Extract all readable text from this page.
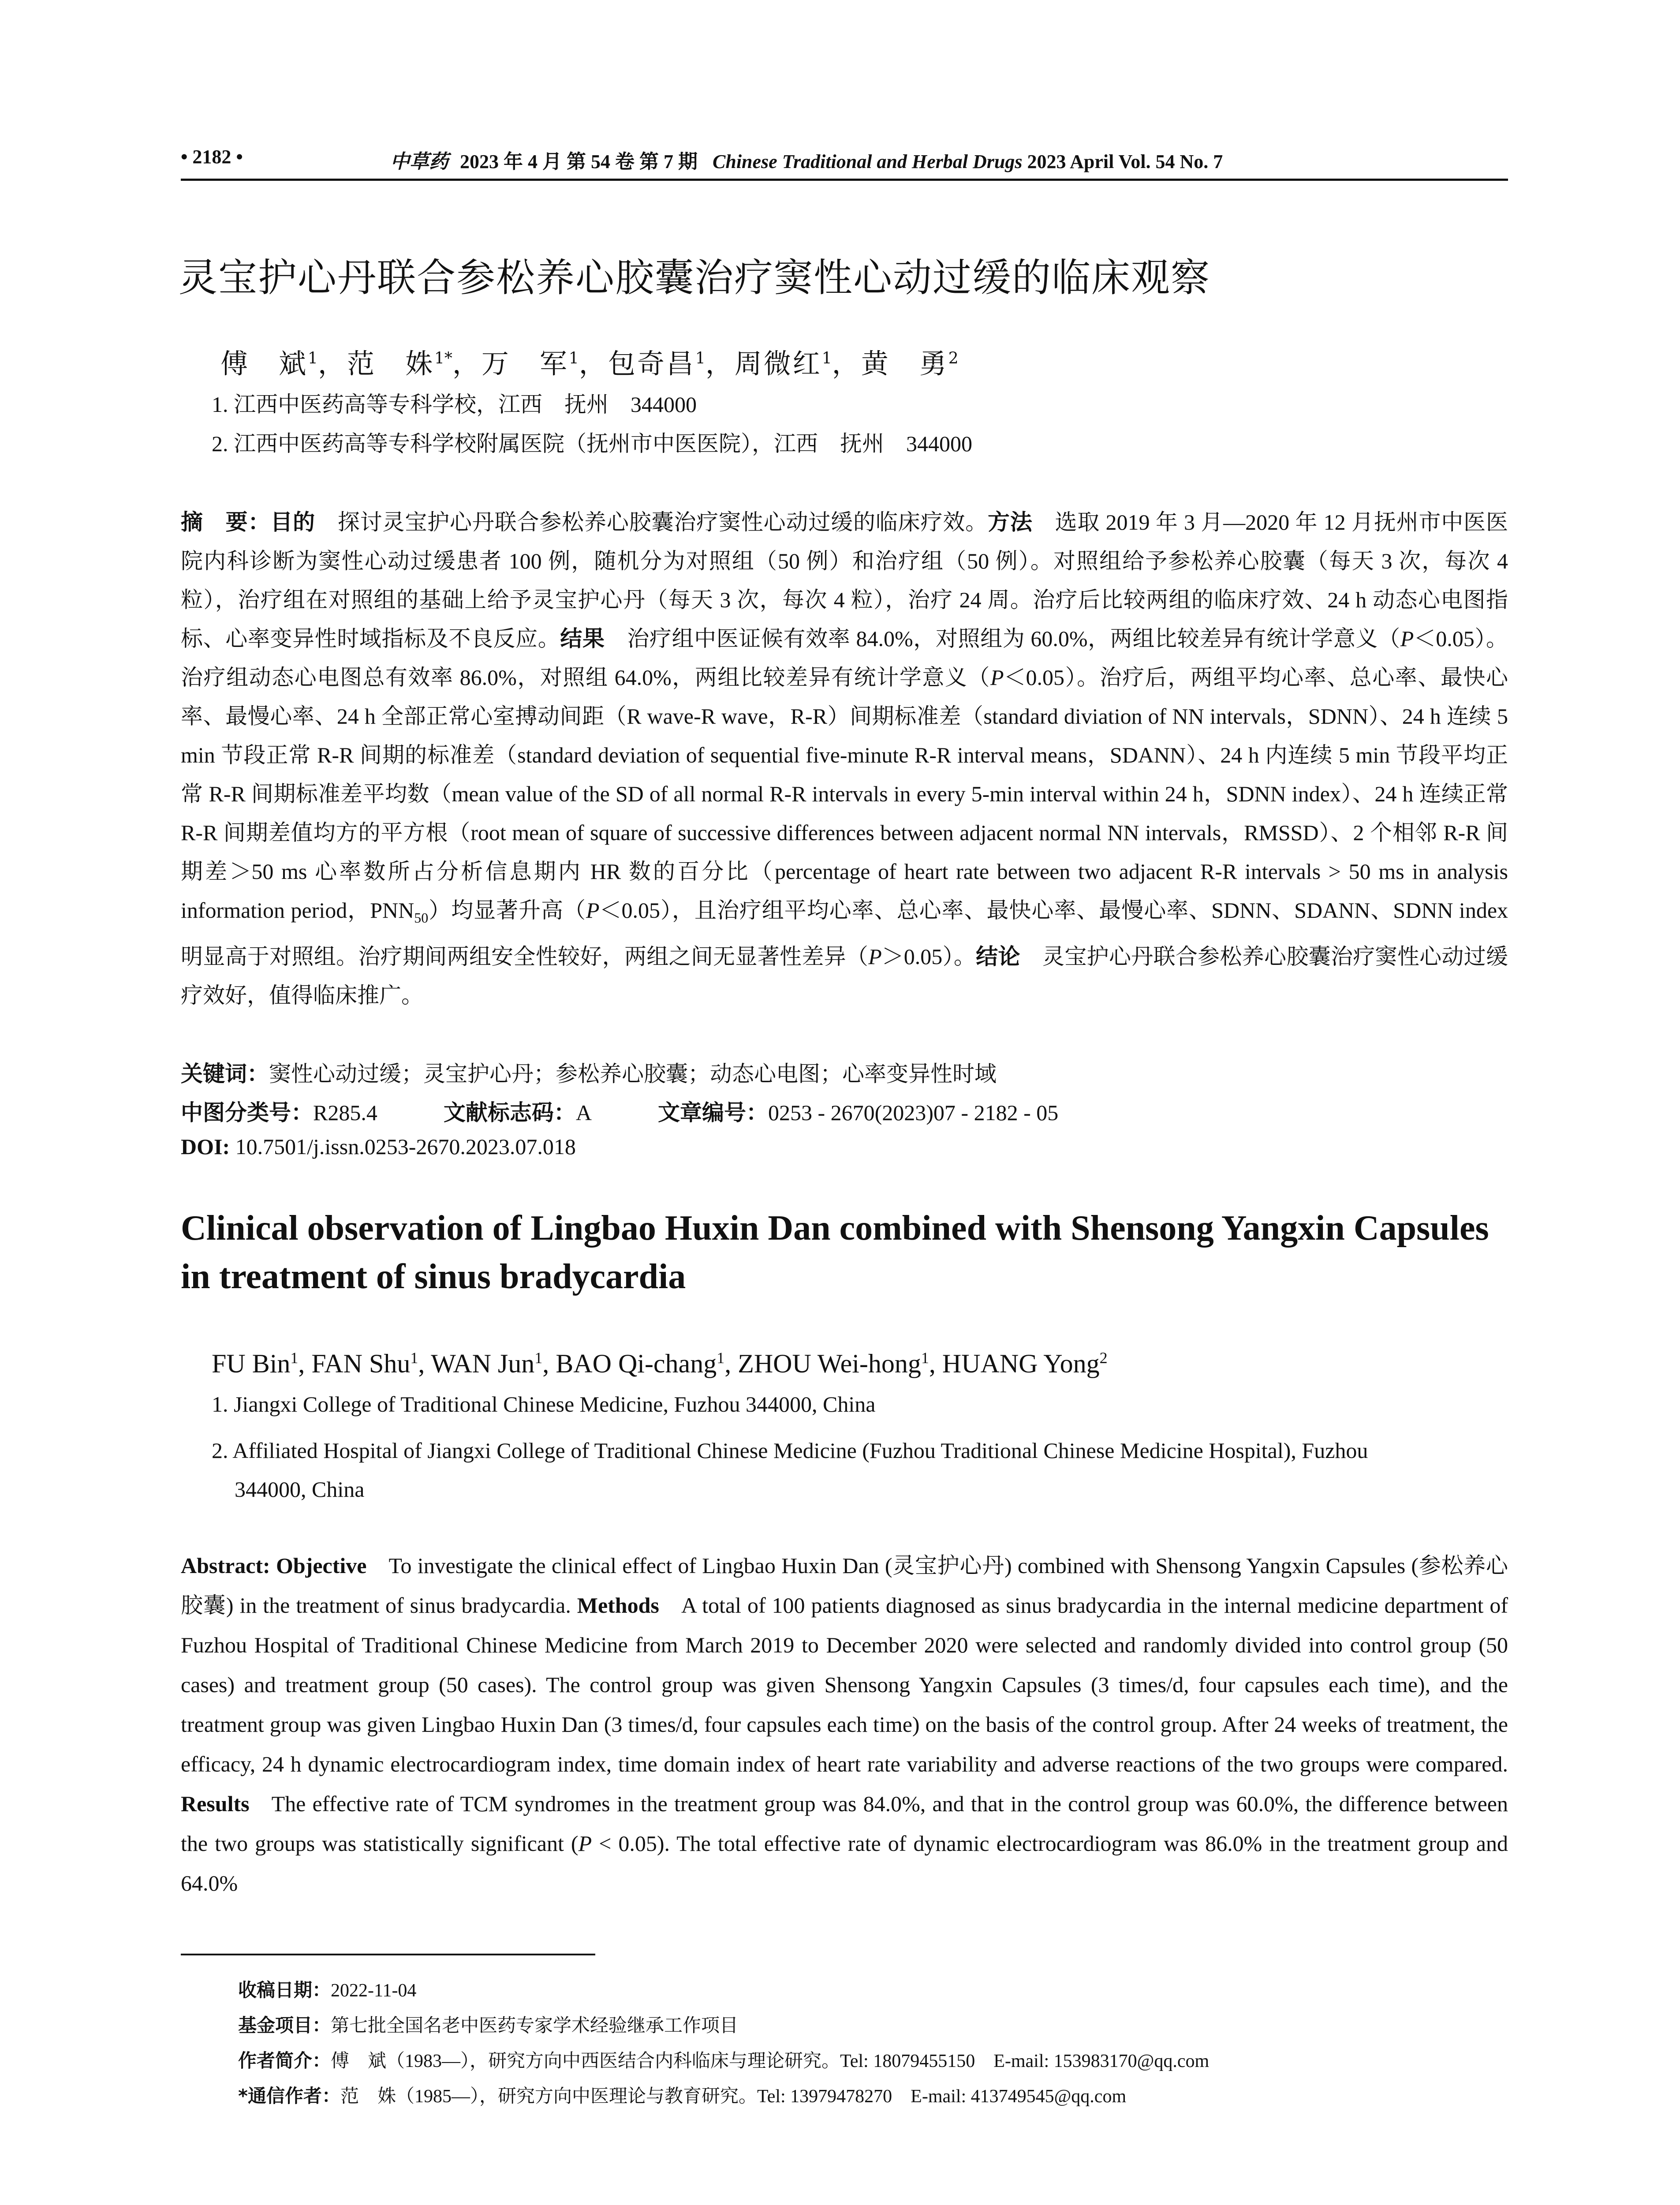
• 2182 •	中草药 2023 年 4 月 第 54 卷 第 7 期 Chinese Traditional and Herbal Drugs 2023 April Vol. 54 No. 7
灵宝护心丹联合参松养心胶囊治疗窦性心动过缓的临床观察
傅　斌$^1$，范　姝$^{1*}$，万　军$^1$，包奇昌$^1$，周微红$^1$，黄　勇$^2$
1. 江西中医药高等专科学校，江西　抚州　344000
2. 江西中医药高等专科学校附属医院（抚州市中医医院），江西　抚州　344000
摘　要：目的 探讨灵宝护心丹联合参松养心胶囊治疗窦性心动过缓的临床疗效。方法 选取 2019 年 3 月—2020 年 12 月抚州市中医医院内科诊断为窦性心动过缓患者 100 例，随机分为对照组（50 例）和治疗组（50 例）。对照组给予参松养心胶囊（每天 3 次，每次 4 粒），治疗组在对照组的基础上给予灵宝护心丹（每天 3 次，每次 4 粒），治疗 24 周。治疗后比较两组的临床疗效、24 h 动态心电图指标、心率变异性时域指标及不良反应。结果 治疗组中医证候有效率 84.0%，对照组为 60.0%，两组比较差异有统计学意义（P＜0.05）。治疗组动态心电图总有效率 86.0%，对照组 64.0%，两组比较差异有统计学意义（P＜0.05）。治疗后，两组平均心率、总心率、最快心率、最慢心率、24 h 全部正常心室搏动间距（R wave-R wave，R-R）间期标准差（standard diviation of NN intervals，SDNN）、24 h 连续 5 min 节段正常 R-R 间期的标准差（standard deviation of sequential five-minute R-R interval means，SDANN）、24 h 内连续 5 min 节段平均正常 R-R 间期标准差平均数（mean value of the SD of all normal R-R intervals in every 5-min interval within 24 h，SDNN index）、24 h 连续正常 R-R 间期差值均方的平方根（root mean of square of successive differences between adjacent normal NN intervals，RMSSD）、2 个相邻 R-R 间期差＞50 ms 心率数所占分析信息期内 HR 数的百分比（percentage of heart rate between two adjacent R-R intervals > 50 ms in analysis information period，$PNN_{50}$）均显著升高（P＜0.05），且治疗组平均心率、总心率、最快心率、最慢心率、SDNN、SDANN、SDNN index 明显高于对照组。治疗期间两组安全性较好，两组之间无显著性差异（P＞0.05）。结论 灵宝护心丹联合参松养心胶囊治疗窦性心动过缓疗效好，值得临床推广。
关键词：窦性心动过缓；灵宝护心丹；参松养心胶囊；动态心电图；心率变异性时域
中图分类号：R285.4	文献标志码：A	文章编号：0253 - 2670(2023)07 - 2182 - 05
DOI: 10.7501/j.issn.0253-2670.2023.07.018
Clinical observation of Lingbao Huxin Dan combined with Shensong Yangxin Capsules in treatment of sinus bradycardia
FU Bin$^1$, FAN Shu$^1$, WAN Jun$^1$, BAO Qi-chang$^1$, ZHOU Wei-hong$^1$, HUANG Yong$^2$
1. Jiangxi College of Traditional Chinese Medicine, Fuzhou 344000, China
2. Affiliated Hospital of Jiangxi College of Traditional Chinese Medicine (Fuzhou Traditional Chinese Medicine Hospital), Fuzhou
344000, China
Abstract: Objective To investigate the clinical effect of Lingbao Huxin Dan (灵宝护心丹) combined with Shensong Yangxin Capsules (参松养心胶囊) in the treatment of sinus bradycardia. Methods A total of 100 patients diagnosed as sinus bradycardia in the internal medicine department of Fuzhou Hospital of Traditional Chinese Medicine from March 2019 to December 2020 were selected and randomly divided into control group (50 cases) and treatment group (50 cases). The control group was given Shensong Yangxin Capsules (3 times/d, four capsules each time), and the treatment group was given Lingbao Huxin Dan (3 times/d, four capsules each time) on the basis of the control group. After 24 weeks of treatment, the efficacy, 24 h dynamic electrocardiogram index, time domain index of heart rate variability and adverse reactions of the two groups were compared. Results The effective rate of TCM syndromes in the treatment group was 84.0%, and that in the control group was 60.0%, the difference between the two groups was statistically significant (P < 0.05). The total effective rate of dynamic electrocardiogram was 86.0% in the treatment group and 64.0%
收稿日期：2022-11-04
基金项目：第七批全国名老中医药专家学术经验继承工作项目
作者简介：傅　斌（1983—），研究方向中西医结合内科临床与理论研究。Tel: 18079455150　E-mail: 153983170@qq.com
*通信作者：范　姝（1985—），研究方向中医理论与教育研究。Tel: 13979478270　E-mail: 413749545@qq.com
